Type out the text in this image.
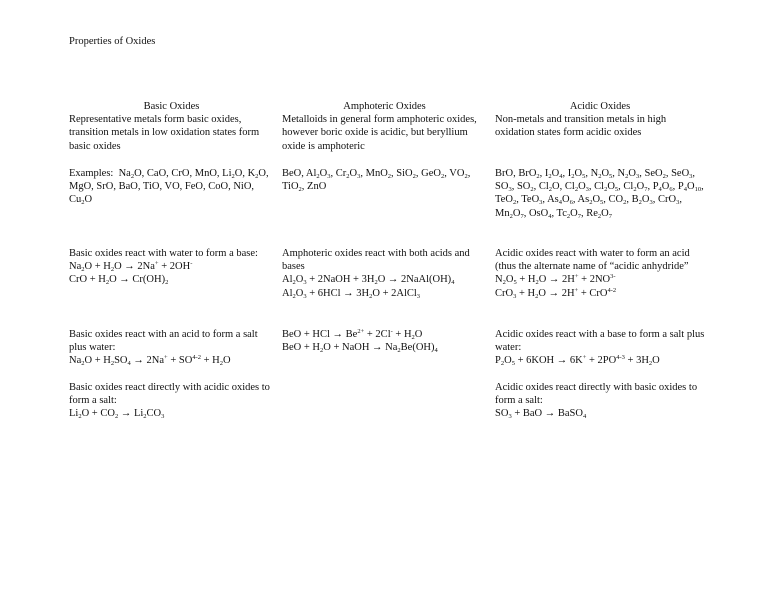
Properties of Oxides
Basic Oxides
Representative metals form basic oxides, transition metals in low oxidation states form basic oxides
Examples:  $Na_2O$, CaO, CrO, MnO, $Li_2O$, $K_2O$, MgO, SrO, BaO, TiO, VO, FeO, CoO, NiO, $Cu_2O$
Basic oxides react with water to form a base:
$Na_2O + H_2O \to 2Na^+ + 2OH^-$
CrO + $H_2O \to Cr(OH)_2$
Basic oxides react with an acid to form a salt plus water:
$Na_2O + H_2SO_4 \to 2Na^+ + SO^{4-2} + H_2O$
Basic oxides react directly with acidic oxides to form a salt:
$Li_2O + CO_2 \to Li_2CO_3$
Amphoteric Oxides
Metalloids in general form amphoteric oxides, however boric oxide is acidic, but beryllium oxide is amphoteric
BeO, $Al_2O_3$, $Cr_2O_3$, MnO$_2$, SiO$_2$, GeO$_2$, $VO_2$, TiO$_2$, ZnO
Amphoteric oxides react with both acids and bases
$Al_2O_3$ + 2NaOH + $3H_2O$ → $2NaAl(OH)_4$
$Al_2O_3 + 6HCl \to 3H_2O$ + 2AlCl$_3$
BeO + HCl → $Be^{2+} + 2Cl^- + H_2O$
BeO + $H_2O$ + NaOH → $Na_2Be(OH)_4$
Acidic Oxides
Non-metals and transition metals in high oxidation states form acidic oxides
BrO, BrO$_2$, $I_2O_4$, $I_2O_5$, $N_2O_5$, $N_2O_3$, SeO$_2$, SeO$_3$, $SO_3$, $SO_2$, $Cl_2O$, $Cl_2O_3$, $Cl_2O_5$, $Cl_2O_7$, $P_4O_6$, $P_4O_{10}$, TeO$_2$, TeO$_3$, $As_4O_6$, $As_2O_5$, $CO_2$, $B_2O_3$, CrO$_3$, $Mn_2O_7$, OsO$_4$, $Tc_2O_7$, $Re_2O_7$
Acidic oxides react with water to form an acid (thus the alternate name of “acidic anhydride”
$N_2O_5 + H_2O \to 2H^+ + 2NO^{3-}$
$CrO_3 + H_2O \to 2H^+ + CrO^{4-2}$
Acidic oxides react with a base to form a salt plus water:
$P_2O_5 + 6KOH \to 6K^+ + 2PO^{4-3} + 3H_2O$
Acidic oxides react directly with basic oxides to form a salt:
$SO_3$ + BaO → BaSO$_4$
